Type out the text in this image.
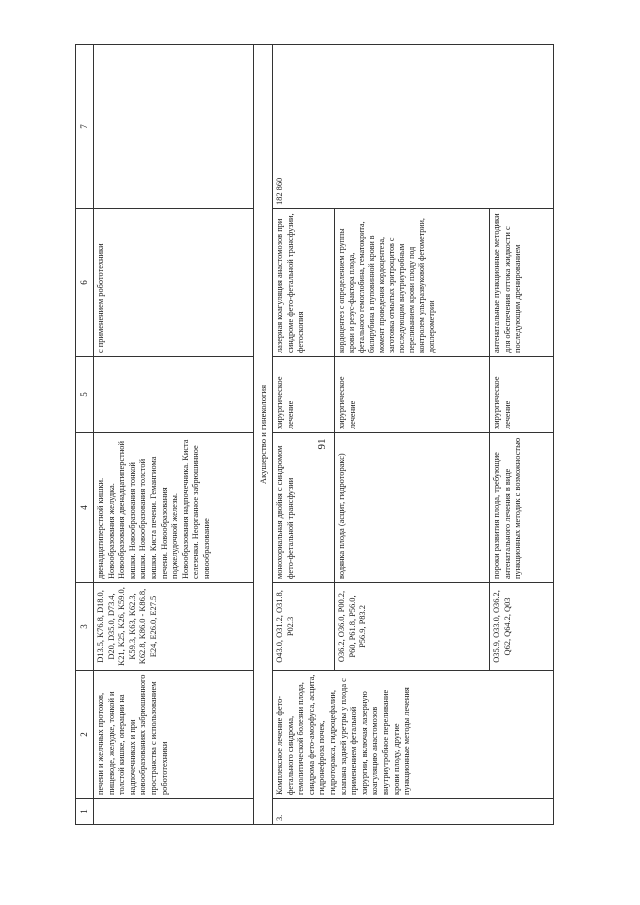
91
1	2	3	4	5	6	7
	печени и желчных протоков, пищеводе, желудке, тонкой и толстой кишке, операции на надпочечниках и при новообразованиях забрюшинного пространства с использованием робототехники	D13.5, K76.8, D18.0, D20, D35.0, D73.4, K21, K25, K26, K59.0, K59.3, K63, K62.3, K62.8, K86.0 - K86.8, E24, E26.0, E27.5	двенадцатиперстной кишки. Новообразования желудка. Новообразования двенадцатиперстной кишки. Новообразования тонкой кишки. Новообразования толстой кишки. Киста печени. Гемангиома печени. Новообразования поджелудочной железы. Новообразования надпочечника. Киста селезенки. Неорганное забрюшинное новообразование		с применением робототехники	
Акушерство и гинекология						
3.	Комплексное лечение фето-фетального синдрома, гемолитической болезни плода, синдрома фето-аморфуса, асцита, гидронефроза почек, гидроторакса, гидроцефалии, клапана задней уретры у плода с применением фетальной хирургии, включая лазерную коагуляцию анастомозов внутриутробное переливание крови плоду, другие пункционные методы лечения	O43.0, O31.2, O31.8, P02.3	монохориальная двойня с синдромом фето-фетальной трансфузии	хирургическое лечение	лазерная коагуляция анастомозов при синдроме фето-фетальной трансфузии, фетоскопия	182 860
		O36.2, O36.0, P00.2, P60, P61.8, P56.0, P56.9, P83.2	водянка плода (асцит, гидроторакс)	хирургическое лечение	кордоцентез с определением группы крови и резус-фактора плода, фетального гемоглобина, гематокрита, билирубина в пуповинной крови в момент проведения кордоцентеза, заготовка отмытых эритроцитов с последующим внутриутробным переливанием крови плоду под контролем ультразвуковой фетометрии, доплерометрии	
		O35.9, O33.0, O36.2, Q62, Q64.2, Q03	пороки развития плода, требующие антенатального лечения в виде пункционных методик с возможностью	хирургическое лечение	антенатальные пункционные методики для обеспечения оттока жидкости с последующим дренированием	
